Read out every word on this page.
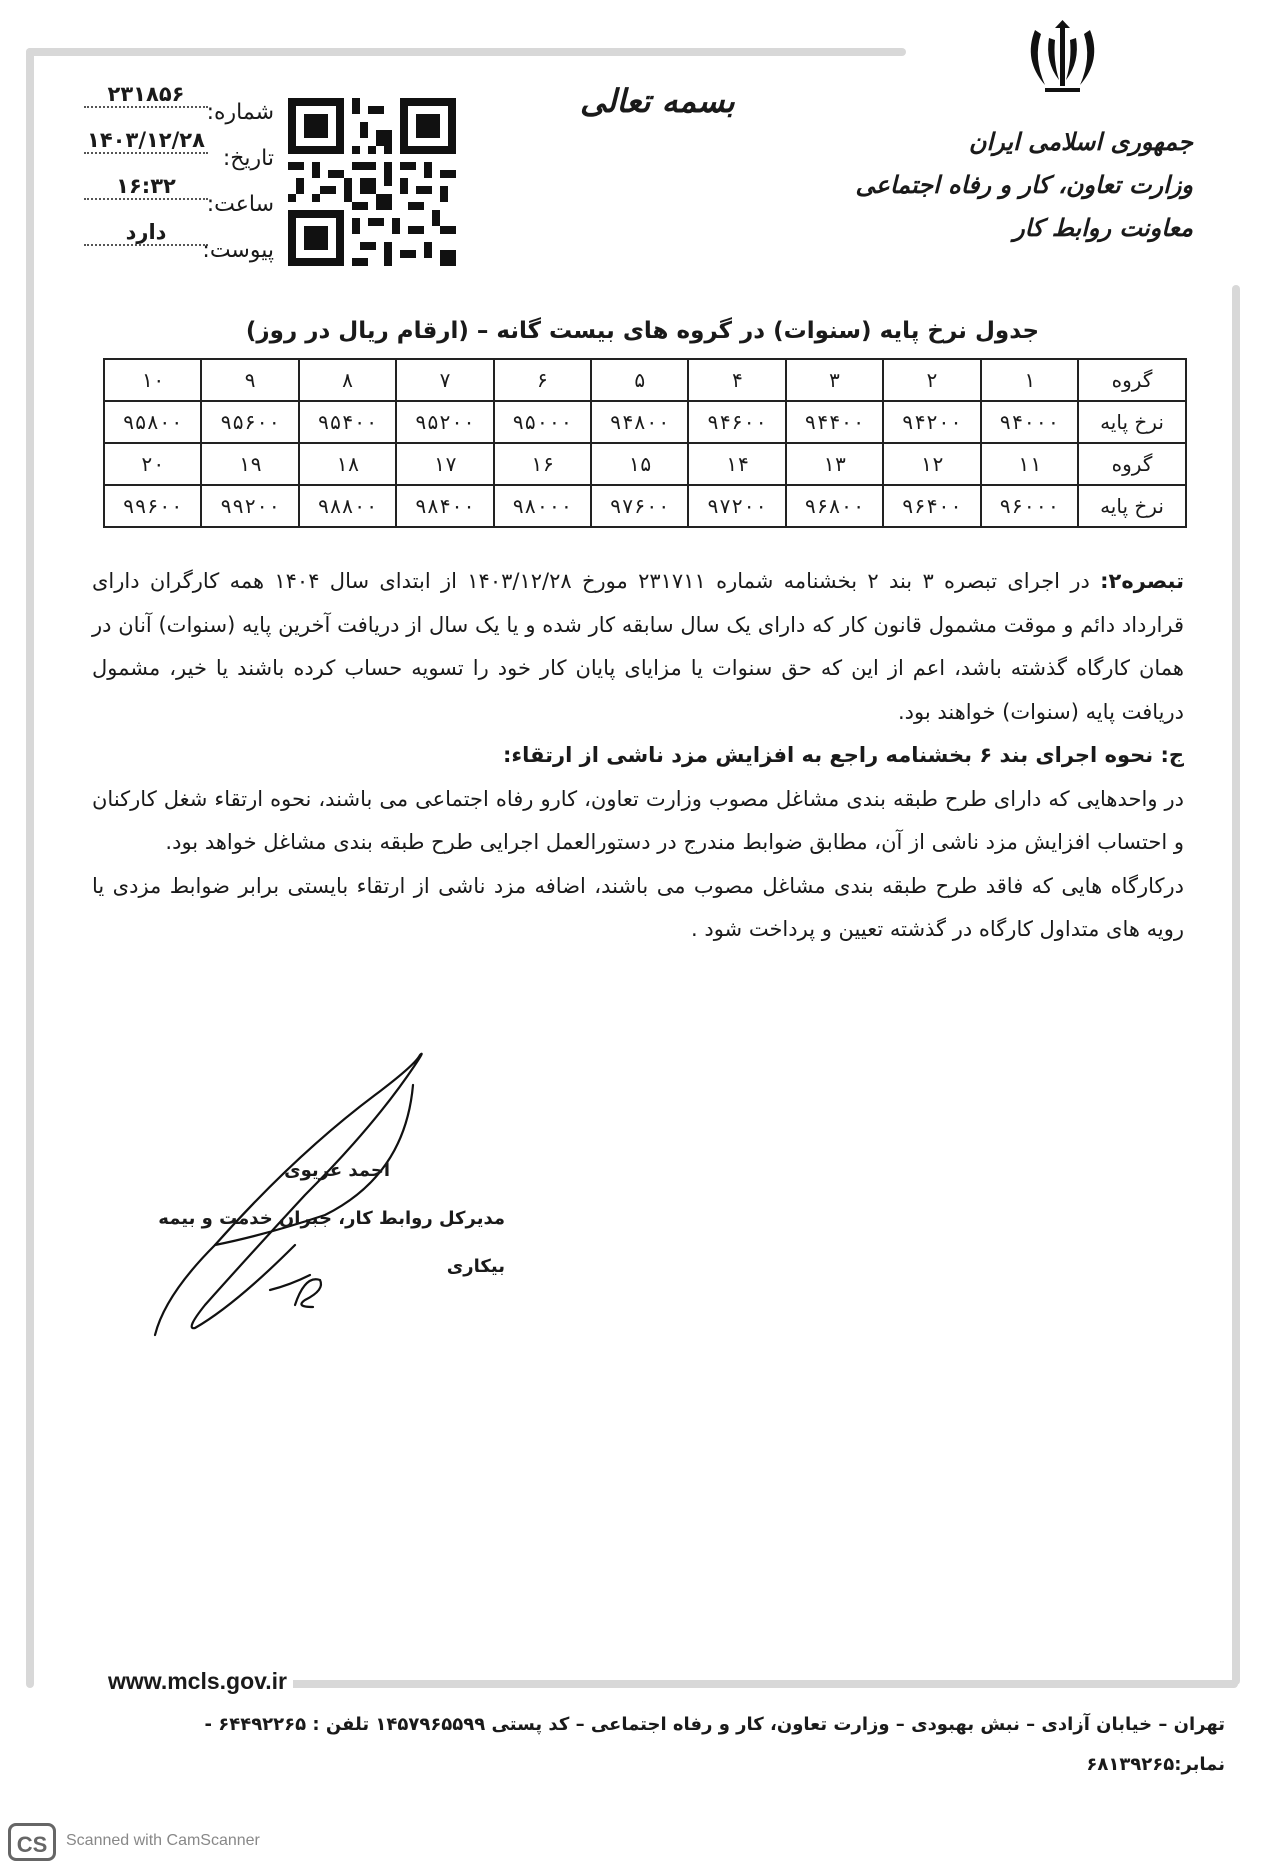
جمهوری اسلامی ایران
وزارت تعاون، کار و رفاه اجتماعی
معاونت روابط کار
بسمه تعالی
۲۳۱۸۵۶
شماره:
۱۴۰۳/۱۲/۲۸
تاریخ:
۱۶:۳۲
ساعت:
دارد
پیوست:
جدول نرخ پایه (سنوات) در گروه های بیست گانه – (ارقام ریال در روز)
گروه	۱	۲	۳	۴	۵	۶	۷	۸	۹	۱۰
نرخ پایه	۹۴۰۰۰	۹۴۲۰۰	۹۴۴۰۰	۹۴۶۰۰	۹۴۸۰۰	۹۵۰۰۰	۹۵۲۰۰	۹۵۴۰۰	۹۵۶۰۰	۹۵۸۰۰
گروه	۱۱	۱۲	۱۳	۱۴	۱۵	۱۶	۱۷	۱۸	۱۹	۲۰
نرخ پایه	۹۶۰۰۰	۹۶۴۰۰	۹۶۸۰۰	۹۷۲۰۰	۹۷۶۰۰	۹۸۰۰۰	۹۸۴۰۰	۹۸۸۰۰	۹۹۲۰۰	۹۹۶۰۰

تبصره۲: در اجرای تبصره ۳ بند ۲ بخشنامه شماره ۲۳۱۷۱۱ مورخ ۱۴۰۳/۱۲/۲۸ از ابتدای سال ۱۴۰۴ همه کارگران دارای قرارداد دائم و موقت مشمول قانون کار که دارای یک سال سابقه کار شده و یا یک سال از دریافت آخرین پایه (سنوات) آنان در همان کارگاه گذشته باشد، اعم از این که حق سنوات یا مزایای پایان کار خود را تسویه حساب کرده باشند یا خیر، مشمول دریافت پایه (سنوات) خواهند بود.

ج: نحوه اجرای بند ۶ بخشنامه راجع به افزایش مزد ناشی از ارتقاء:

در واحدهایی که دارای طرح طبقه بندی مشاغل مصوب وزارت تعاون، کارو رفاه اجتماعی می باشند، نحوه ارتقاء شغل کارکنان و احتساب افزایش مزد ناشی از آن، مطابق ضوابط مندرج در دستورالعمل اجرایی طرح طبقه بندی مشاغل خواهد بود.

درکارگاه هایی که فاقد طرح طبقه بندی مشاغل مصوب می باشند، اضافه مزد ناشی از ارتقاء بایستی برابر ضوابط مزدی یا رویه های متداول کارگاه در گذشته تعیین و پرداخت شود .

احمد غریوی
مدیرکل روابط کار، جبران خدمت و بیمه بیکاری
www.mcls.gov.ir
تهران – خیابان آزادی – نبش بهبودی – وزارت تعاون، کار و رفاه اجتماعی – کد پستی ۱۴۵۷۹۶۵۵۹۹ تلفن : ۶۴۴۹۲۲۶۵ -
نمابر:۶۸۱۳۹۲۶۵
CS	Scanned with CamScanner
